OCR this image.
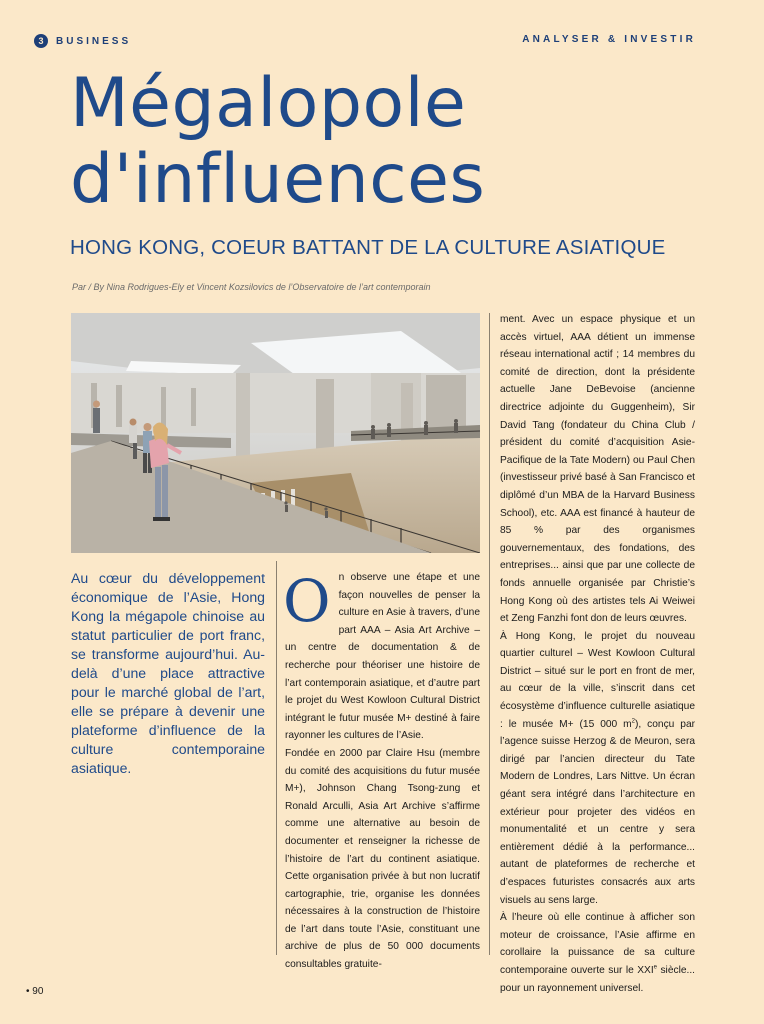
3	BUSINESS	ANALYSER & INVESTIR
Mégalopole
d'influences
HONG KONG, COEUR BATTANT DE LA CULTURE ASIATIQUE
Par / By Nina Rodrigues-Ely et Vincent Kozsilovics de l’Observatoire de l’art contemporain

Au cœur du développement économique de l’Asie, Hong Kong la mégapole chinoise au statut particulier de port franc, se transforme aujourd’hui. Au-delà d’une place attractive pour le marché global de l’art, elle se prépare à devenir une plateforme d’influence de la culture contemporaine asiatique.

O n observe une étape et une façon nouvelles de penser la culture en Asie à travers, d’une part AAA – Asia Art Archive – un centre de documentation & de recherche pour théoriser une histoire de l’art contemporain asiatique, et d’autre part le projet du West Kowloon Cultural District intégrant le futur musée M+ destiné à faire rayonner les cultures de l’Asie.

Fondée en 2000 par Claire Hsu (membre du comité des acquisitions du futur musée M+), Johnson Chang Tsong-zung et Ronald Arculli, Asia Art Archive s’affirme comme une alternative au besoin de documenter et renseigner la richesse de l’histoire de l’art du continent asiatique. Cette organisation privée à but non lucratif cartographie, trie, organise les données nécessaires à la construction de l’histoire de l’art dans toute l’Asie, constituant une archive de plus de 50 000 documents consultables gratuite-

ment. Avec un espace physique et un accès virtuel, AAA détient un immense réseau international actif ; 14 membres du comité de direction, dont la présidente actuelle Jane DeBevoise (ancienne directrice adjointe du Guggenheim), Sir David Tang (fondateur du China Club / président du comité d’acquisition Asie-Pacifique de la Tate Modern) ou Paul Chen (investisseur privé basé à San Francisco et diplômé d’un MBA de la Harvard Business School), etc. AAA est financé à hauteur de 85 % par des organismes gouvernementaux, des fondations, des entreprises... ainsi que par une collecte de fonds annuelle organisée par Christie’s Hong Kong où des artistes tels Ai Weiwei et Zeng Fanzhi font don de leurs œuvres.

À Hong Kong, le projet du nouveau quartier culturel – West Kowloon Cultural District – situé sur le port en front de mer, au cœur de la ville, s’inscrit dans cet écosystème d’influence culturelle asiatique : le musée M+ (15 000 $m^2$), conçu par l’agence suisse Herzog & de Meuron, sera dirigé par l’ancien directeur du Tate Modern de Londres, Lars Nittve. Un écran géant sera intégré dans l’architecture en extérieur pour projeter des vidéos en monumentalité et un centre y sera entièrement dédié à la performance... autant de plateformes de recherche et d’espaces futuristes consacrés aux arts visuels au sens large.

À l’heure où elle continue à afficher son moteur de croissance, l’Asie affirme en corollaire la puissance de sa culture contemporaine ouverte sur le XXIe siècle... pour un rayonnement universel.

• 90
